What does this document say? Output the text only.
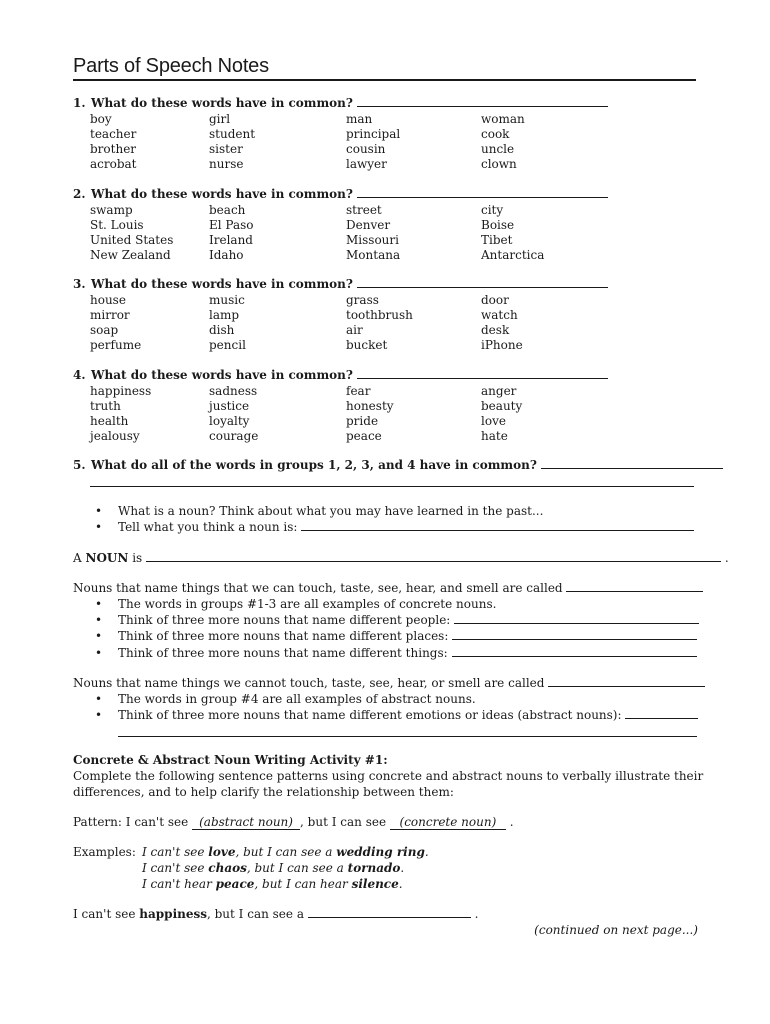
Parts of Speech Notes
1. What do these words have in common?
boy	girl	man	woman
teacher	student	principal	cook
brother	sister	cousin	uncle
acrobat	nurse	lawyer	clown
2. What do these words have in common?
swamp	beach	street	city
St. Louis	El Paso	Denver	Boise
United States	Ireland	Missouri	Tibet
New Zealand	Idaho	Montana	Antarctica
3. What do these words have in common?
house	music	grass	door
mirror	lamp	toothbrush	watch
soap	dish	air	desk
perfume	pencil	bucket	iPhone
4. What do these words have in common?
happiness	sadness	fear	anger
truth	justice	honesty	beauty
health	loyalty	pride	love
jealousy	courage	peace	hate
5. What do all of the words in groups 1, 2, 3, and 4 have in common?
• What is a noun? Think about what you may have learned in the past...
• Tell what you think a noun is:
A NOUN is	.
Nouns that name things that we can touch, taste, see, hear, and smell are called
• The words in groups #1-3 are all examples of concrete nouns.
• Think of three more nouns that name different people:
• Think of three more nouns that name different places:
• Think of three more nouns that name different things:
Nouns that name things we cannot touch, taste, see, hear, or smell are called
• The words in group #4 are all examples of abstract nouns.
• Think of three more nouns that name different emotions or ideas (abstract nouns):
Concrete & Abstract Noun Writing Activity #1:
Complete the following sentence patterns using concrete and abstract nouns to verbally illustrate their
differences, and to help clarify the relationship between them:
Pattern: I can't see (abstract noun) , but I can see (concrete noun) .
Examples: I can't see love, but I can see a wedding ring.
I can't see chaos, but I can see a tornado.
I can't hear peace, but I can hear silence.
I can't see happiness, but I can see a	.
(continued on next page...)
